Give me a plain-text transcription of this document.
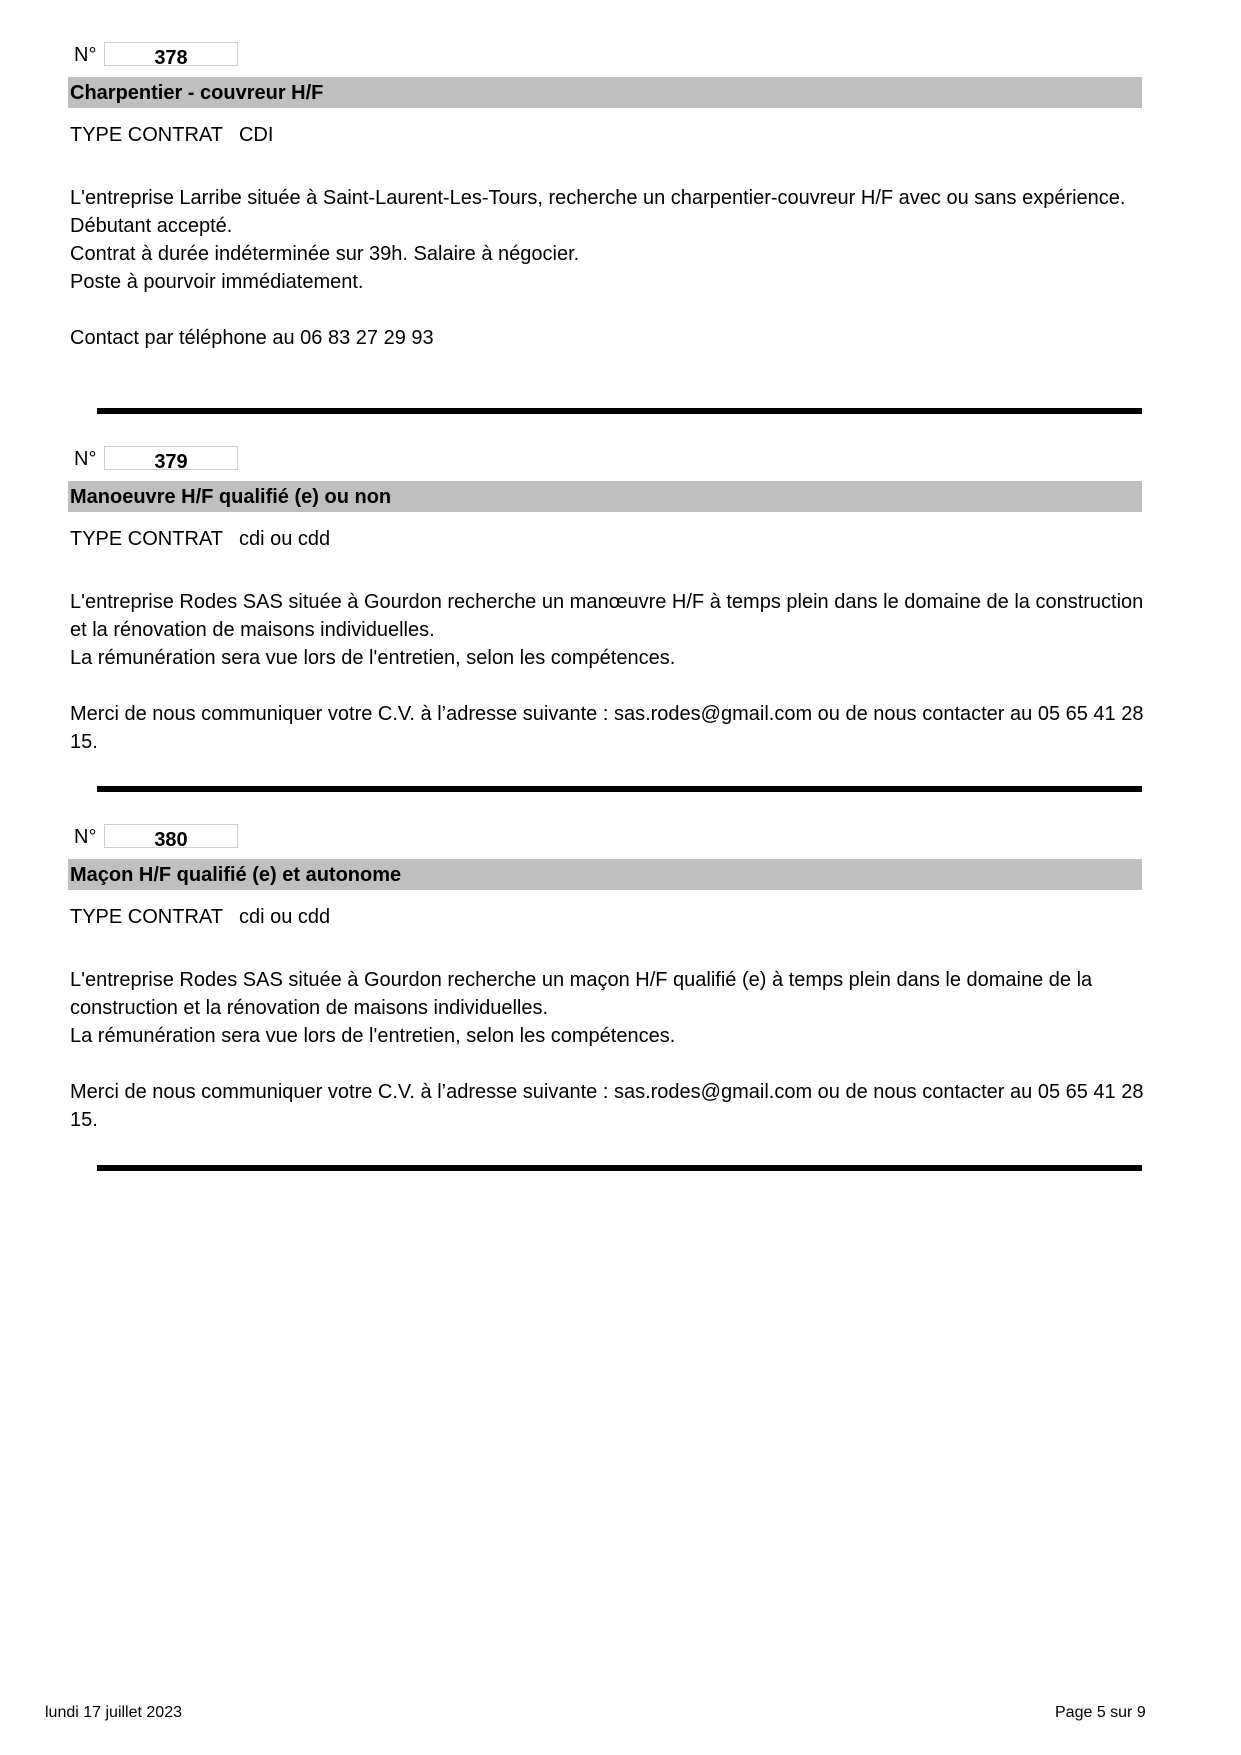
N°	378
Charpentier - couvreur H/F
TYPE CONTRAT CDI

L'entreprise Larribe située à Saint-Laurent-Les-Tours, recherche un charpentier-couvreur H/F avec ou sans expérience.

Débutant accepté.

Contrat à durée indéterminée sur 39h. Salaire à négocier.

Poste à pourvoir immédiatement.

Contact par téléphone au 06 83 27 29 93

N°	379
Manoeuvre H/F qualifié (e) ou non
TYPE CONTRAT cdi ou cdd

L'entreprise Rodes SAS située à Gourdon recherche un manœuvre H/F à temps plein dans le domaine de la construction et la rénovation de maisons individuelles.

La rémunération sera vue lors de l'entretien, selon les compétences.

Merci de nous communiquer votre C.V. à l’adresse suivante : sas.rodes@gmail.com ou de nous contacter au 05 65 41 28 15.

N°	380
Maçon H/F qualifié (e) et autonome
TYPE CONTRAT cdi ou cdd

L'entreprise Rodes SAS située à Gourdon recherche un maçon H/F qualifié (e) à temps plein dans le domaine de la construction et la rénovation de maisons individuelles.

La rémunération sera vue lors de l'entretien, selon les compétences.

Merci de nous communiquer votre C.V. à l’adresse suivante : sas.rodes@gmail.com ou de nous contacter au 05 65 41 28 15.

lundi 17 juillet 2023	Page 5 sur 9
